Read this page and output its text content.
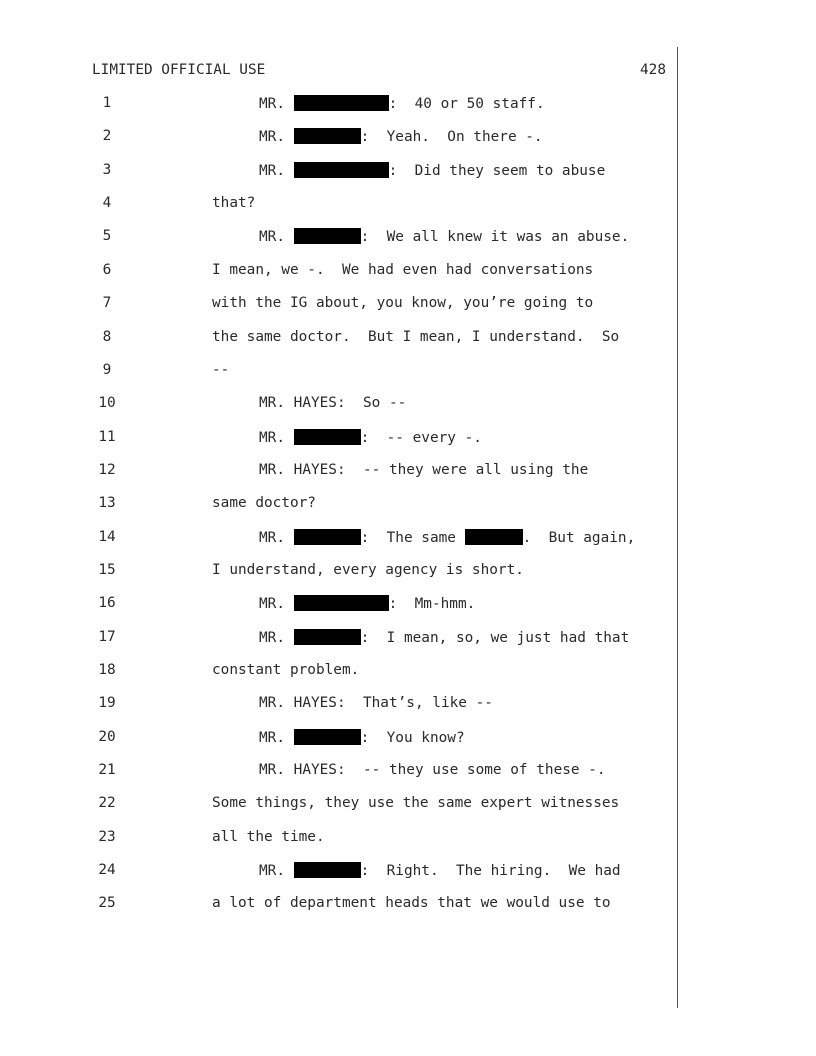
LIMITED OFFICIAL USE	428
1	MR.	:  40 or 50 staff.
2	MR.	:  Yeah.  On there -.
3	MR.	:  Did they seem to abuse
4	that?
5	MR.	:  We all knew it was an abuse.
6	I mean, we -.  We had even had conversations
7	with the IG about, you know, you’re going to
8	the same doctor.  But I mean, I understand.  So
9	--
10	MR. HAYES:  So --
11	MR.	:  -- every -.
12	MR. HAYES:  -- they were all using the
13	same doctor?
14	MR.	:  The same	.  But again,
15	I understand, every agency is short.
16	MR.	:  Mm-hmm.
17	MR.	:  I mean, so, we just had that
18	constant problem.
19	MR. HAYES:  That’s, like --
20	MR.	:  You know?
21	MR. HAYES:  -- they use some of these -.
22	Some things, they use the same expert witnesses
23	all the time.
24	MR.	:  Right.  The hiring.  We had
25	a lot of department heads that we would use to
